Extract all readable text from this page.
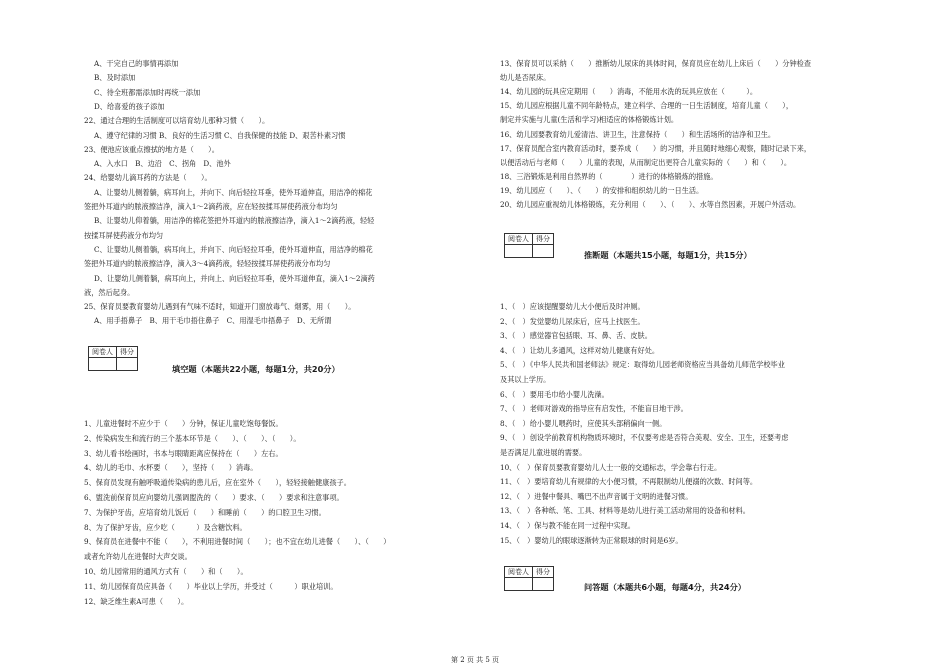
A、干完自己的事情再添加
B、及时添加
C、待全班都需添加时再统一添加
D、给喜爱的孩子添加
22、通过合理的生活制度可以培育幼儿那种习惯（　　）。
A、遵守纪律的习惯 B、良好的生活习惯 C、自我保健的技能 D、艰苦朴素习惯
23、便池应该重点擦拭的地方是（　　）。
A、入水口　B、边沿　C、拐角　D、池外
24、给婴幼儿滴耳药的方法是（　　）。
A、让婴幼儿侧着躺，病耳向上，并向下、向后轻拉耳垂，使外耳道伸直，用洁净的棉花
签把外耳道内的脓液擦洁净，滴入1～2滴药液，应在轻按揉耳屏使药液分布均匀
B、让婴幼儿仰着躺，用洁净的棉花签把外耳道内的脓液擦洁净，滴入1～2滴药液，轻轻
按揉耳屏使药液分布均匀
C、让婴幼儿侧着躺，病耳向上，并向下、向后轻拉耳垂，使外耳道伸直，用洁净的棉花
签把外耳道内的脓液擦洁净，滴入3～4滴药液，轻轻按揉耳屏使药液分布均匀
D、让婴幼儿侧着躺，病耳向上，并向上、向后轻拉耳垂，使外耳道伸直，滴入1～2滴药
液，然后起身。
25、保育员要教育婴幼儿遇到有气味不适时，知道开门窗放毒气、烟雾，用（　　）。
A、用手捂鼻子　B、用干毛巾捂住鼻子　C、用湿毛巾捂鼻子　D、无所谓
阅卷人	得分

填空题（本题共22小题，每题1分，共20分）
1、儿童进餐时不应少于（　　）分钟，保证儿童吃饱每餐饭。
2、传染病发生和流行的三个基本环节是（　　）、（　　）、（　　）。
3、幼儿看书绘画时，书本与眼睛距离应保持在（　　）左右。
4、幼儿的毛巾、水杯要（　　），坚持（　　）消毒。
5、保育员发现有触呼吸道传染病的患儿后，应在室外（　　），轻轻接触健康孩子。
6、盥洗前保育员应向婴幼儿强调盥洗的（　　）要求、（　　）要求和注意事项。
7、为保护牙齿，应培育幼儿饭后（　　）和睡前（　　）的口腔卫生习惯。
8、为了保护牙齿，应少吃（　　　）及含糖饮料。
9、保育员在进餐中不能（　　），不利用进餐时间（　　）；也不宜在幼儿进餐（　　）、（　　）
或者允许幼儿在进餐时大声交谈。
10、幼儿园常用的通风方式有（　　）和（　　）。
11、幼儿园保育员应具备（　　）毕业以上学历，并受过（　　　）职业培训。
12、缺乏维生素A可患（　　）。
13、保育员可以采纳（　　）推断幼儿尿床的具体时间，保育员应在幼儿上床后（　　）分钟检查
幼儿是否尿床。
14、幼儿园的玩具应定期用（　　）消毒，不能用水洗的玩具应放在（　　　）。
15、幼儿园应根据儿童不同年龄特点，建立科学、合理的一日生活制度，培育儿童（　　），
制定并实施与儿童(生活和学习)相适应的体格锻炼计划。
16、幼儿园要教育幼儿爱清洁、讲卫生，注意保持（　　）和生活场所的洁净和卫生。
17、保育员配合室内教育活动时，要养成（　　）的习惯，并且随时地细心观察，随时记录下来，
以便活动后与老师（　　）儿童的表现，从而制定出更符合儿童实际的（　　）和（　　）。
18、三浴锻炼是利用自然界的（　　　　）进行的体格锻炼的措施。
19、幼儿园应（　　）、（　　）的安排和组织幼儿的一日生活。
20、幼儿园应重视幼儿体格锻炼，充分利用（　　）、（　　）、水等自然因素，开展户外活动。
阅卷人	得分

推断题（本题共15小题，每题1分，共15分）
1、（　）应该提醒婴幼儿大小便后及时冲厕。
2、（　）发觉婴幼儿尿床后，应马上找医生。
3、（　）感觉器官包括眼、耳、鼻、舌、皮肤。
4、（　）让幼儿多通风，这样对幼儿健康有好处。
5、（　）《中华人民共和国老师法》规定：取得幼儿园老师资格应当具备幼儿师范学校毕业
及其以上学历。
6、（　）要用毛巾给小婴儿洗澡。
7、（　）老师对游戏的指导应有启发性，不能盲目地干涉。
8、（　）给小婴儿喂药时，应使其头部稍偏向一侧。
9、（　）创设学前教育机构物质环境时，不仅要考虑是否符合美观、安全、卫生，还要考虑
是否满足儿童进展的需要。
10、（　）保育员要教育婴幼儿人士一般的交通标志，学会靠右行走。
11、（　）要培育幼儿有规律的大小便习惯，不再限制幼儿便溺的次数、时间等。
12、（　）进餐中餐具、嘴巴不出声音属于文明的进餐习惯。
13、（　）各种纸、笔、工具、材料等是幼儿进行美工活动常用的设备和材料。
14、（　）保与教不能在同一过程中实现。
15、（　）婴幼儿的眼球逐渐转为正常眼球的时间是6岁。
阅卷人	得分

问答题（本题共6小题，每题4分，共24分）
第 2 页 共 5 页
